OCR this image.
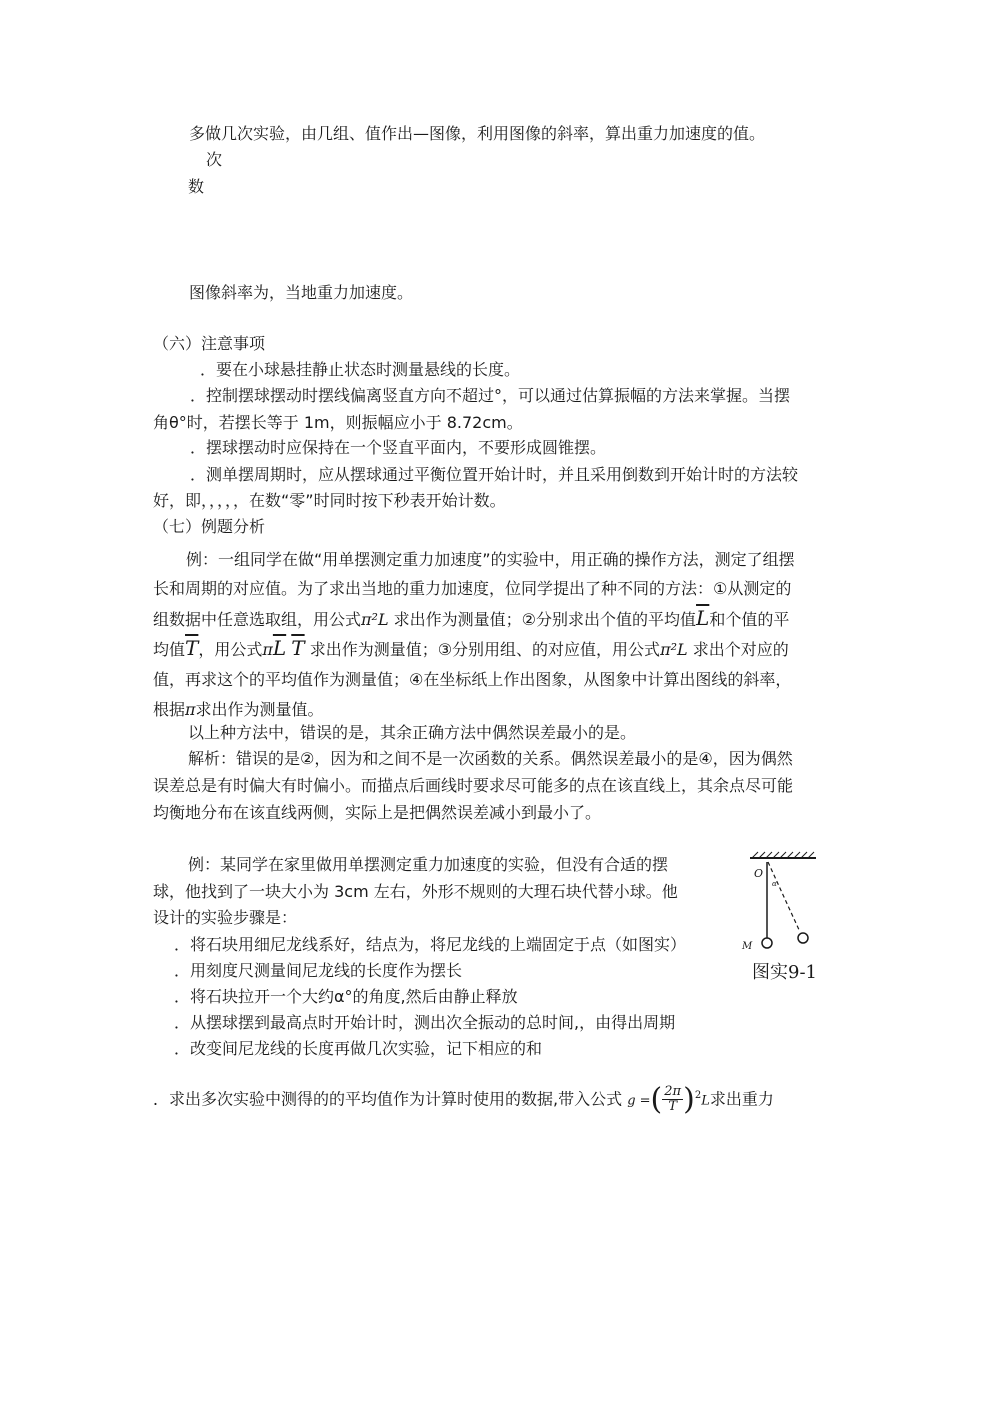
多做几次实验，由几组、值作出—图像，利用图像的斜率，算出重力加速度的值。
次
数
图像斜率为，当地重力加速度。
（六）注意事项
．要在小球悬挂静止状态时测量悬线的长度。
．控制摆球摆动时摆线偏离竖直方向不超过°，可以通过估算振幅的方法来掌握。当摆
角θ°时，若摆长等于 1m，则振幅应小于 8.72cm。
．摆球摆动时应保持在一个竖直平面内，不要形成圆锥摆。
．测单摆周期时，应从摆球通过平衡位置开始计时，并且采用倒数到开始计时的方法较
好，即，，，，，在数“零”时同时按下秒表开始计数。
（七）例题分析
例：一组同学在做“用单摆测定重力加速度”的实验中，用正确的操作方法，测定了组摆
长和周期的对应值。为了求出当地的重力加速度，位同学提出了种不同的方法：①从测定的
组数据中任意选取组，用公式π²L 求出作为测量值；②分别求出个值的平均值$\overline{L}$和个值的平
均值$\overline{T}$，用公式$\pi\overline{L}$ $\overline{T}$ 求出作为测量值；③分别用组、的对应值，用公式π²L 求出个对应的
值，再求这个的平均值作为测量值；④在坐标纸上作出图象，从图象中计算出图线的斜率，
根据π求出作为测量值。
以上种方法中，错误的是，其余正确方法中偶然误差最小的是。
解析：错误的是②，因为和之间不是一次函数的关系。偶然误差最小的是④，因为偶然
误差总是有时偏大有时偏小。而描点后画线时要求尽可能多的点在该直线上，其余点尽可能
均衡地分布在该直线两侧，实际上是把偶然误差减小到最小了。
例：某同学在家里做用单摆测定重力加速度的实验，但没有合适的摆
球，他找到了一块大小为 3cm 左右，外形不规则的大理石块代替小球。他
设计的实验步骤是：
．将石块用细尼龙线系好，结点为，将尼龙线的上端固定于点（如图实）
．用刻度尺测量间尼龙线的长度作为摆长
．将石块拉开一个大约α°的角度,然后由静止释放
．从摆球摆到最高点时开始计时，测出次全振动的总时间,，由得出周期
．改变间尼龙线的长度再做几次实验，记下相应的和
．求出多次实验中测得的的平均值作为计算时使用的数据,带入公式 g =( $\frac{2\pi}{T} )^2L$求出重力
O
α
M
图实9-1
